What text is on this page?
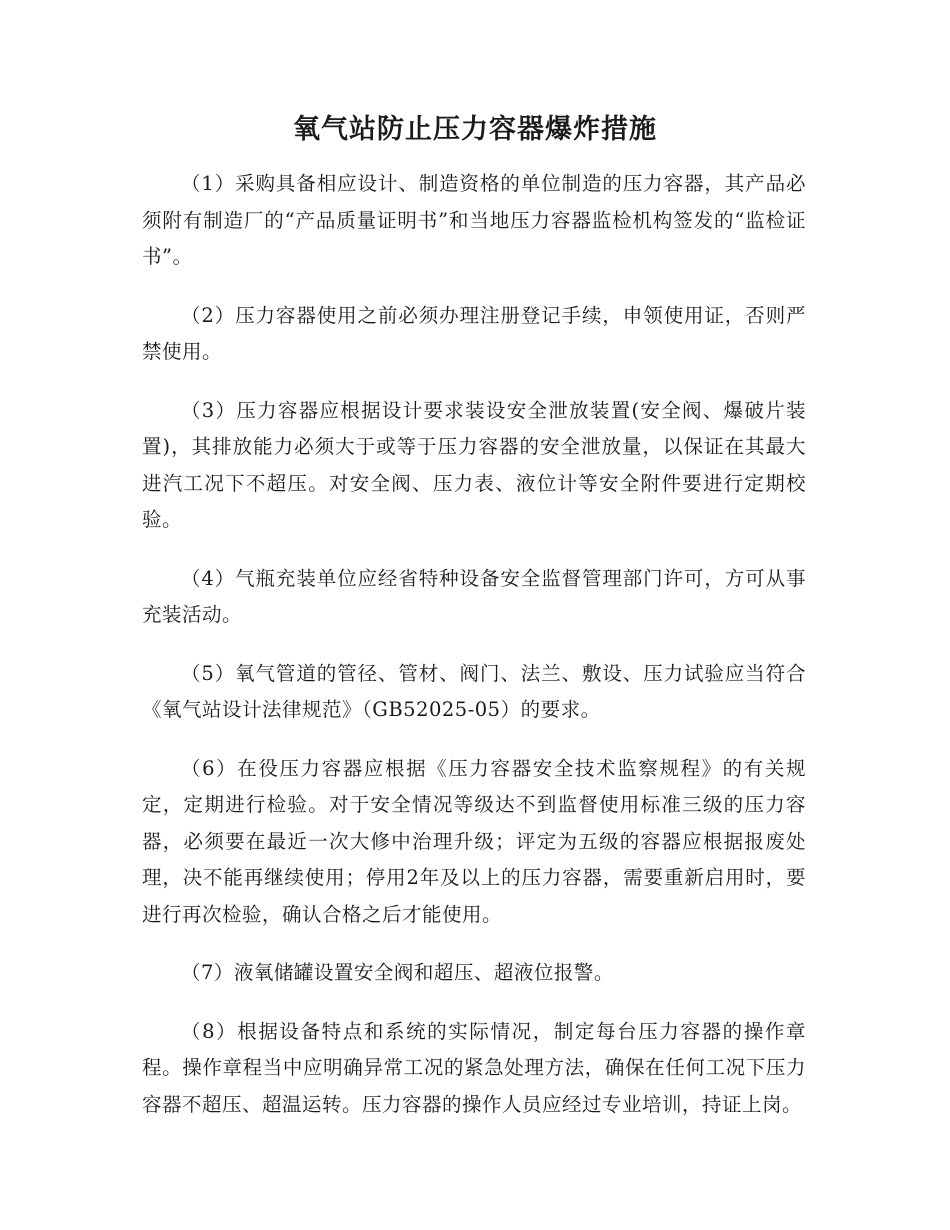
氧气站防止压力容器爆炸措施

（1）采购具备相应设计、制造资格的单位制造的压力容器，其产品必须附有制造厂的“产品质量证明书”和当地压力容器监检机构签发的“监检证书”。

（2）压力容器使用之前必须办理注册登记手续，申领使用证，否则严禁使用。

（3）压力容器应根据设计要求装设安全泄放装置(安全阀、爆破片装置)，其排放能力必须大于或等于压力容器的安全泄放量，以保证在其最大进汽工况下不超压。对安全阀、压力表、液位计等安全附件要进行定期校验。

（4）气瓶充装单位应经省特种设备安全监督管理部门许可，方可从事充装活动。

（5）氧气管道的管径、管材、阀门、法兰、敷设、压力试验应当符合《氧气站设计法律规范》（GB52025-05）的要求。

（6）在役压力容器应根据《压力容器安全技术监察规程》的有关规定，定期进行检验。对于安全情况等级达不到监督使用标准三级的压力容器，必须要在最近一次大修中治理升级；评定为五级的容器应根据报废处理，决不能再继续使用；停用2年及以上的压力容器，需要重新启用时，要进行再次检验，确认合格之后才能使用。

（7）液氧储罐设置安全阀和超压、超液位报警。

（8）根据设备特点和系统的实际情况，制定每台压力容器的操作章程。操作章程当中应明确异常工况的紧急处理方法，确保在任何工况下压力容器不超压、超温运转。压力容器的操作人员应经过专业培训，持证上岗。
